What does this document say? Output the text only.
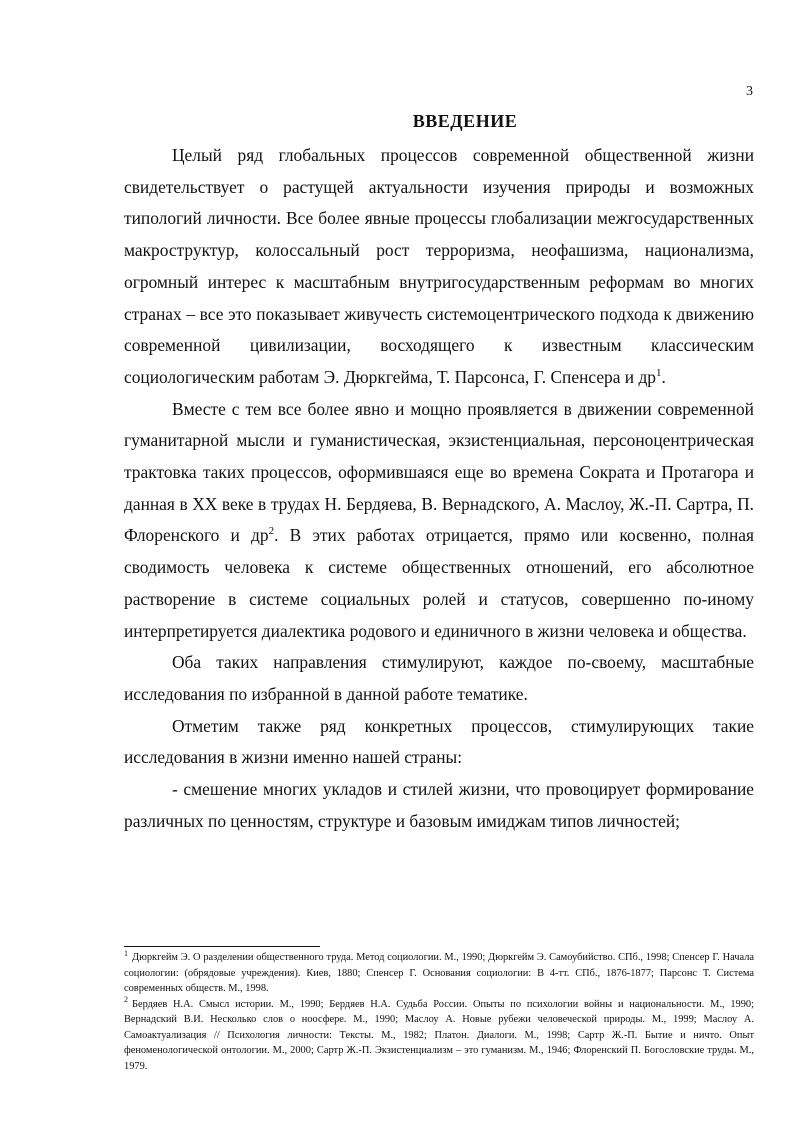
3
ВВЕДЕНИЕ

Целый ряд глобальных процессов современной общественной жизни свидетельствует о растущей актуальности изучения природы и возможных типологий личности. Все более явные процессы глобализации межгосударственных макроструктур, колоссальный рост терроризма, неофашизма, национализма, огромный интерес к масштабным внутригосударственным реформам во многих странах – все это показывает живучесть системоцентрического подхода к движению современной цивилизации, восходящего к известным классическим социологическим работам Э. Дюркгейма, Т. Парсонса, Г. Спенсера и $др^1$.

Вместе с тем все более явно и мощно проявляется в движении современной гуманитарной мысли и гуманистическая, экзистенциальная, персоноцентрическая трактовка таких процессов, оформившаяся еще во времена Сократа и Протагора и данная в XX веке в трудах Н. Бердяева, В. Вернадского, А. Маслоу, Ж.-П. Сартра, П. Флоренского и $др^2$. В этих работах отрицается, прямо или косвенно, полная сводимость человека к системе общественных отношений, его абсолютное растворение в системе социальных ролей и статусов, совершенно по-иному интерпретируется диалектика родового и единичного в жизни человека и общества.

Оба таких направления стимулируют, каждое по-своему, масштабные исследования по избранной в данной работе тематике.

Отметим также ряд конкретных процессов, стимулирующих такие исследования в жизни именно нашей страны:

- смешение многих укладов и стилей жизни, что провоцирует формирование различных по ценностям, структуре и базовым имиджам типов личностей;

$^1$ Дюркгейм Э. О разделении общественного труда. Метод социологии. М., 1990; Дюркгейм Э. Самоубийство. СПб., 1998; Спенсер Г. Начала социологии: (обрядовые учреждения). Киев, 1880; Спенсер Г. Основания социологии: В 4-тт. СПб., 1876-1877; Парсонс Т. Система современных обществ. М., 1998.

$^2$ Бердяев Н.А. Смысл истории. М., 1990; Бердяев Н.А. Судьба России. Опыты по психологии войны и национальности. М., 1990; Вернадский В.И. Несколько слов о ноосфере. М., 1990; Маслоу А. Новые рубежи человеческой природы. М., 1999; Маслоу А. Самоактуализация // Психология личности: Тексты. М., 1982; Платон. Диалоги. М., 1998; Сартр Ж.-П. Бытие и ничто. Опыт феноменологической онтологии. М., 2000; Сартр Ж.-П. Экзистенциализм – это гуманизм. М., 1946; Флоренский П. Богословские труды. М., 1979.
